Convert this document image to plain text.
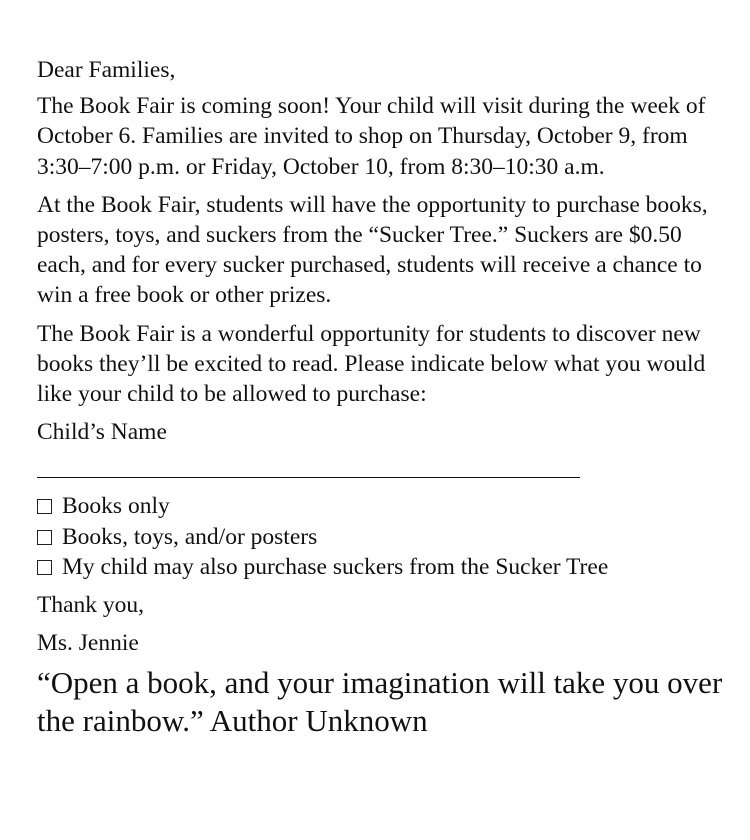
Dear Families,

The Book Fair is coming soon! Your child will visit during the week of October 6. Families are invited to shop on Thursday, October 9, from 3:30–7:00 p.m. or Friday, October 10, from 8:30–10:30 a.m.

At the Book Fair, students will have the opportunity to purchase books, posters, toys, and suckers from the “Sucker Tree.” Suckers are $0.50 each, and for every sucker purchased, students will receive a chance to win a free book or other prizes.

The Book Fair is a wonderful opportunity for students to discover new books they’ll be excited to read. Please indicate below what you would like your child to be allowed to purchase:

Child’s Name

Books only
Books, toys, and/or posters
My child may also purchase suckers from the Sucker Tree

Thank you,

Ms. Jennie

“Open a book, and your imagination will take you over the rainbow.” Author Unknown
